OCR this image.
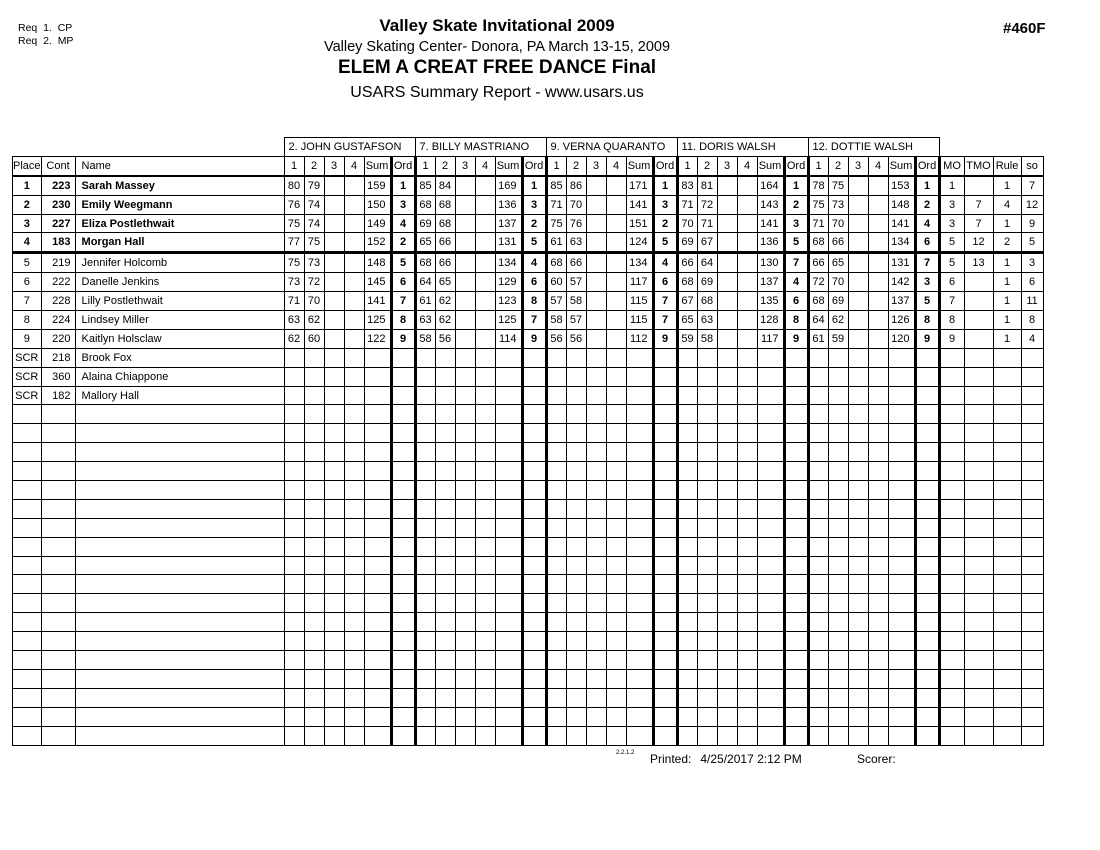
Req  1.  CP
Req  2.  MP
#460F
Valley Skate Invitational 2009
Valley Skating Center- Donora, PA March 13-15, 2009
ELEM A CREAT FREE DANCE Final
USARS Summary Report - www.usars.us
			2. JOHN GUSTAFSON						7. BILLY MASTRIANO						9. VERNA QUARANTO						11. DORIS WALSH						12. DOTTIE WALSH									
Place	Cont	Name	1	2	3	4	Sum	Ord	1	2	3	4	Sum	Ord	1	2	3	4	Sum	Ord	1	2	3	4	Sum	Ord	1	2	3	4	Sum	Ord	MO	TMO	Rule	so
1	223	Sarah Massey	80	79			159	1	85	84			169	1	85	86			171	1	83	81			164	1	78	75			153	1	1		1	7
2	230	Emily Weegmann	76	74			150	3	68	68			136	3	71	70			141	3	71	72			143	2	75	73			148	2	3	7	4	12
3	227	Eliza Postlethwait	75	74			149	4	69	68			137	2	75	76			151	2	70	71			141	3	71	70			141	4	3	7	1	9
4	183	Morgan Hall	77	75			152	2	65	66			131	5	61	63			124	5	69	67			136	5	68	66			134	6	5	12	2	5
5	219	Jennifer Holcomb	75	73			148	5	68	66			134	4	68	66			134	4	66	64			130	7	66	65			131	7	5	13	1	3
6	222	Danelle Jenkins	73	72			145	6	64	65			129	6	60	57			117	6	68	69			137	4	72	70			142	3	6		1	6
7	228	Lilly Postlethwait	71	70			141	7	61	62			123	8	57	58			115	7	67	68			135	6	68	69			137	5	7		1	11
8	224	Lindsey Miller	63	62			125	8	63	62			125	7	58	57			115	7	65	63			128	8	64	62			126	8	8		1	8
9	220	Kaitlyn Holsclaw	62	60			122	9	58	56			114	9	56	56			112	9	59	58			117	9	61	59			120	9	9		1	4
SCR	218	Brook Fox																																		
SCR	360	Alaina Chiappone																																		
SCR	182	Mallory Hall																																		

2.2.1.2 Printed: 4/25/2017 2:12 PM	Scorer:
